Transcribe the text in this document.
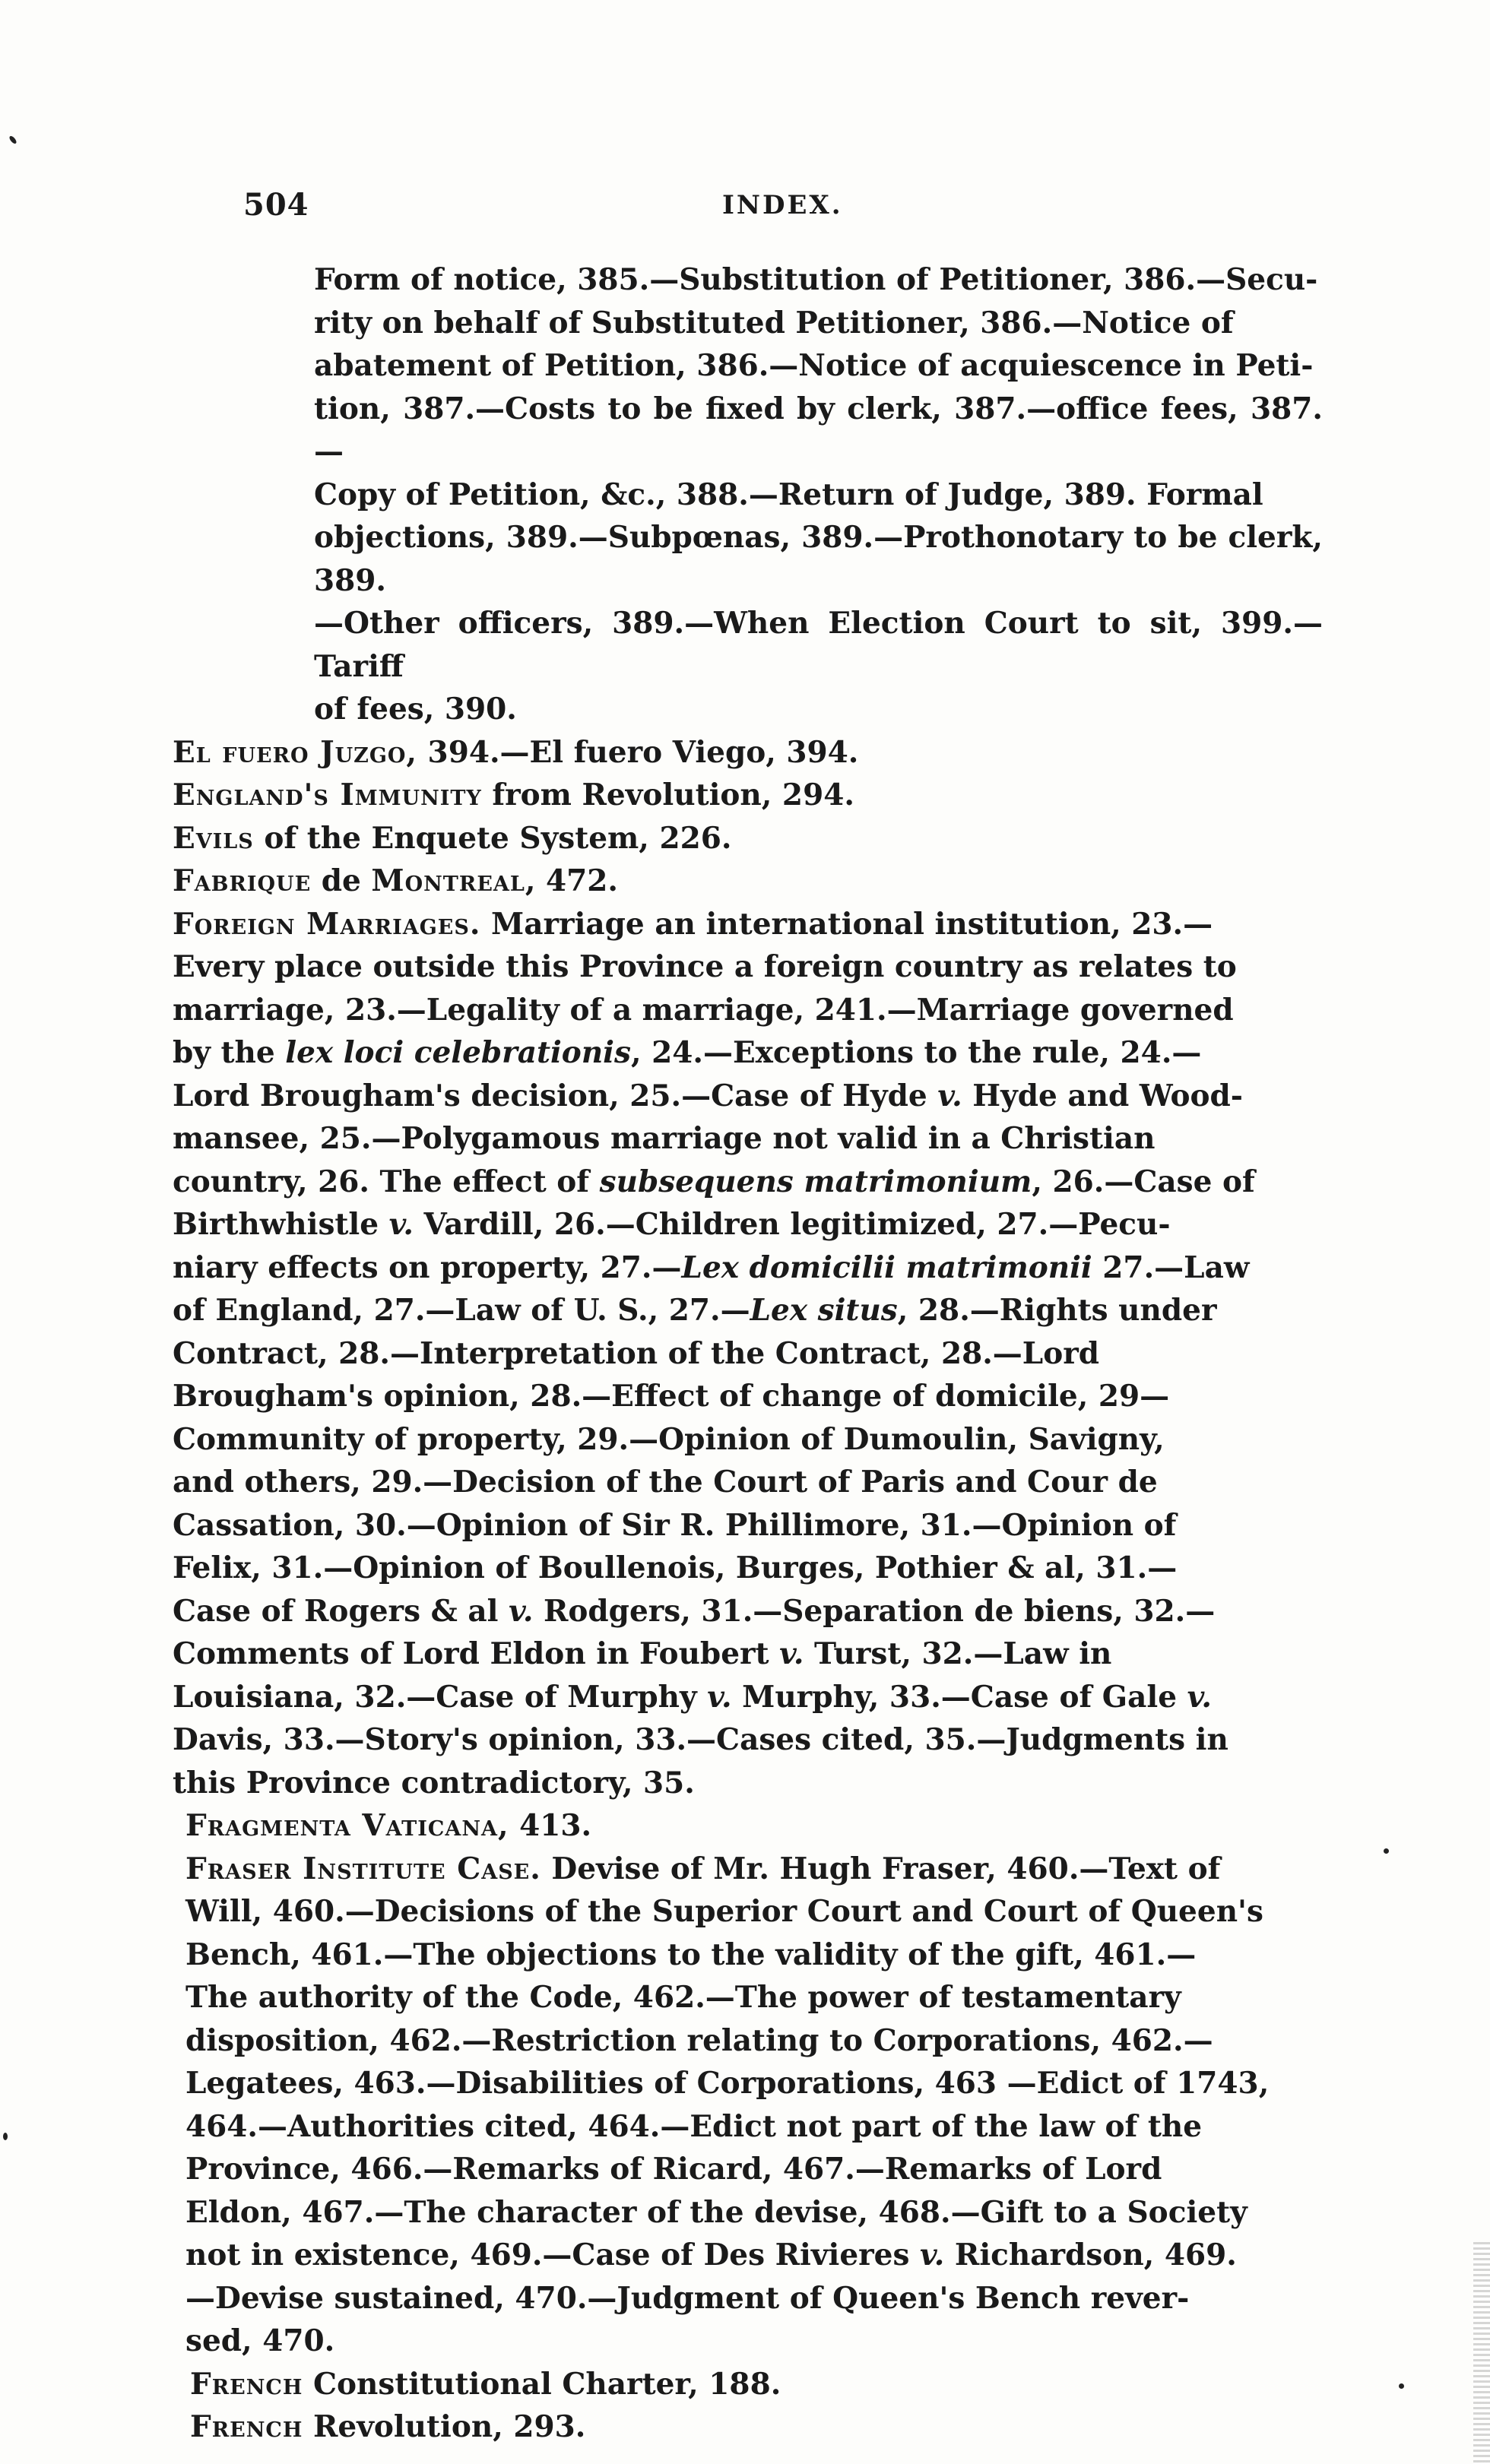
504	INDEX.

Form of notice, 385.—Substitution of Petitioner, 386.—Secu-
rity on behalf of Substituted Petitioner, 386.—Notice of
abatement of Petition, 386.—Notice of acquiescence in Peti-
tion, 387.—Costs to be fixed by clerk, 387.—office fees, 387.—
Copy of Petition, &c., 388.—Return of Judge, 389. Formal
objections, 389.—Subpœnas, 389.—Prothonotary to be clerk, 389.
—Other officers, 389.—When Election Court to sit, 399.—Tariff
of fees, 390.

El fuero Juzgo, 394.—El fuero Viego, 394.

England's Immunity from Revolution, 294.

Evils of the Enquete System, 226.

Fabrique de Montreal, 472.

Foreign Marriages. Marriage an international institution, 23.—
Every place outside this Province a foreign country as relates to
marriage, 23.—Legality of a marriage, 241.—Marriage governed
by the lex loci celebrationis, 24.—Exceptions to the rule, 24.—
Lord Brougham's decision, 25.—Case of Hyde v. Hyde and Wood-
mansee, 25.—Polygamous marriage not valid in a Christian
country, 26. The effect of subsequens matrimonium, 26.—Case of
Birthwhistle v. Vardill, 26.—Children legitimized, 27.—Pecu-
niary effects on property, 27.—Lex domicilii matrimonii 27.—Law
of England, 27.—Law of U. S., 27.—Lex situs, 28.—Rights under
Contract, 28.—Interpretation of the Contract, 28.—Lord
Brougham's opinion, 28.—Effect of change of domicile, 29—
Community of property, 29.—Opinion of Dumoulin, Savigny,
and others, 29.—Decision of the Court of Paris and Cour de
Cassation, 30.—Opinion of Sir R. Phillimore, 31.—Opinion of
Felix, 31.—Opinion of Boullenois, Burges, Pothier & al, 31.—
Case of Rogers & al v. Rodgers, 31.—Separation de biens, 32.—
Comments of Lord Eldon in Foubert v. Turst, 32.—Law in
Louisiana, 32.—Case of Murphy v. Murphy, 33.—Case of Gale v.
Davis, 33.—Story's opinion, 33.—Cases cited, 35.—Judgments in
this Province contradictory, 35.

Fragmenta Vaticana, 413.

Fraser Institute Case. Devise of Mr. Hugh Fraser, 460.—Text of
Will, 460.—Decisions of the Superior Court and Court of Queen's
Bench, 461.—The objections to the validity of the gift, 461.—
The authority of the Code, 462.—The power of testamentary
disposition, 462.—Restriction relating to Corporations, 462.—
Legatees, 463.—Disabilities of Corporations, 463 —Edict of 1743,
464.—Authorities cited, 464.—Edict not part of the law of the
Province, 466.—Remarks of Ricard, 467.—Remarks of Lord
Eldon, 467.—The character of the devise, 468.—Gift to a Society
not in existence, 469.—Case of Des Rivieres v. Richardson, 469.
—Devise sustained, 470.—Judgment of Queen's Bench rever-
sed, 470.

French Constitutional Charter, 188.

French Revolution, 293.
